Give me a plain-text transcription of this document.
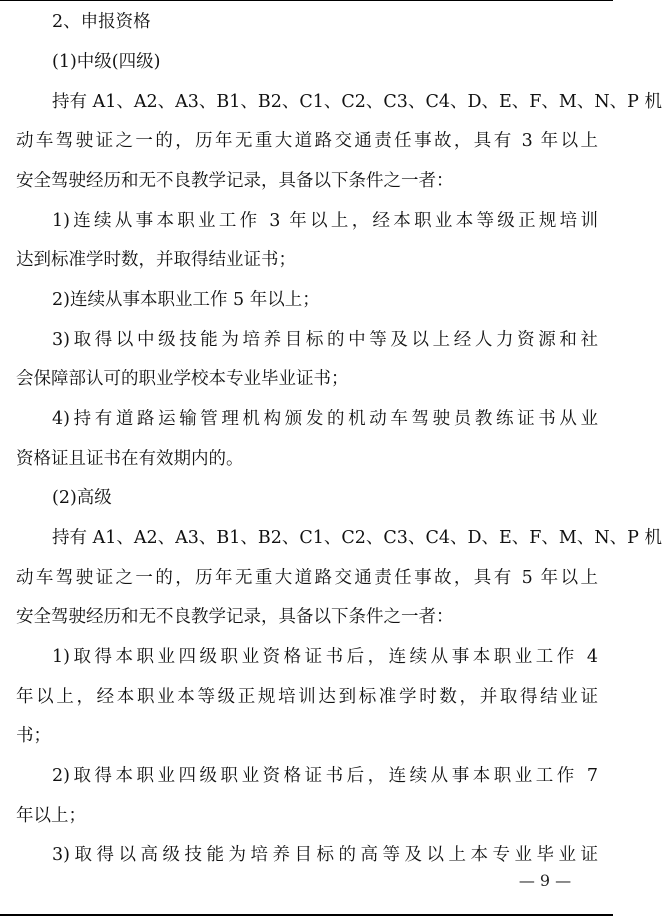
2、申报资格
(1)中级(四级)
持有 A1、A2、A3、B1、B2、C1、C2、C3、C4、D、E、F、M、N、P 机
动车驾驶证之一的，历年无重大道路交通责任事故，具有 3 年以上
安全驾驶经历和无不良教学记录，具备以下条件之一者：
1)连续从事本职业工作 3 年以上，经本职业本等级正规培训
达到标准学时数，并取得结业证书；
2)连续从事本职业工作 5 年以上；
3)取得以中级技能为培养目标的中等及以上经人力资源和社
会保障部认可的职业学校本专业毕业证书；
4)持有道路运输管理机构颁发的机动车驾驶员教练证书从业
资格证且证书在有效期内的。
(2)高级
持有 A1、A2、A3、B1、B2、C1、C2、C3、C4、D、E、F、M、N、P 机
动车驾驶证之一的，历年无重大道路交通责任事故，具有 5 年以上
安全驾驶经历和无不良教学记录，具备以下条件之一者：
1)取得本职业四级职业资格证书后，连续从事本职业工作 4
年以上，经本职业本等级正规培训达到标准学时数，并取得结业证
书；
2)取得本职业四级职业资格证书后，连续从事本职业工作 7
年以上；
3)取得以高级技能为培养目标的高等及以上本专业毕业证
— 9 —
